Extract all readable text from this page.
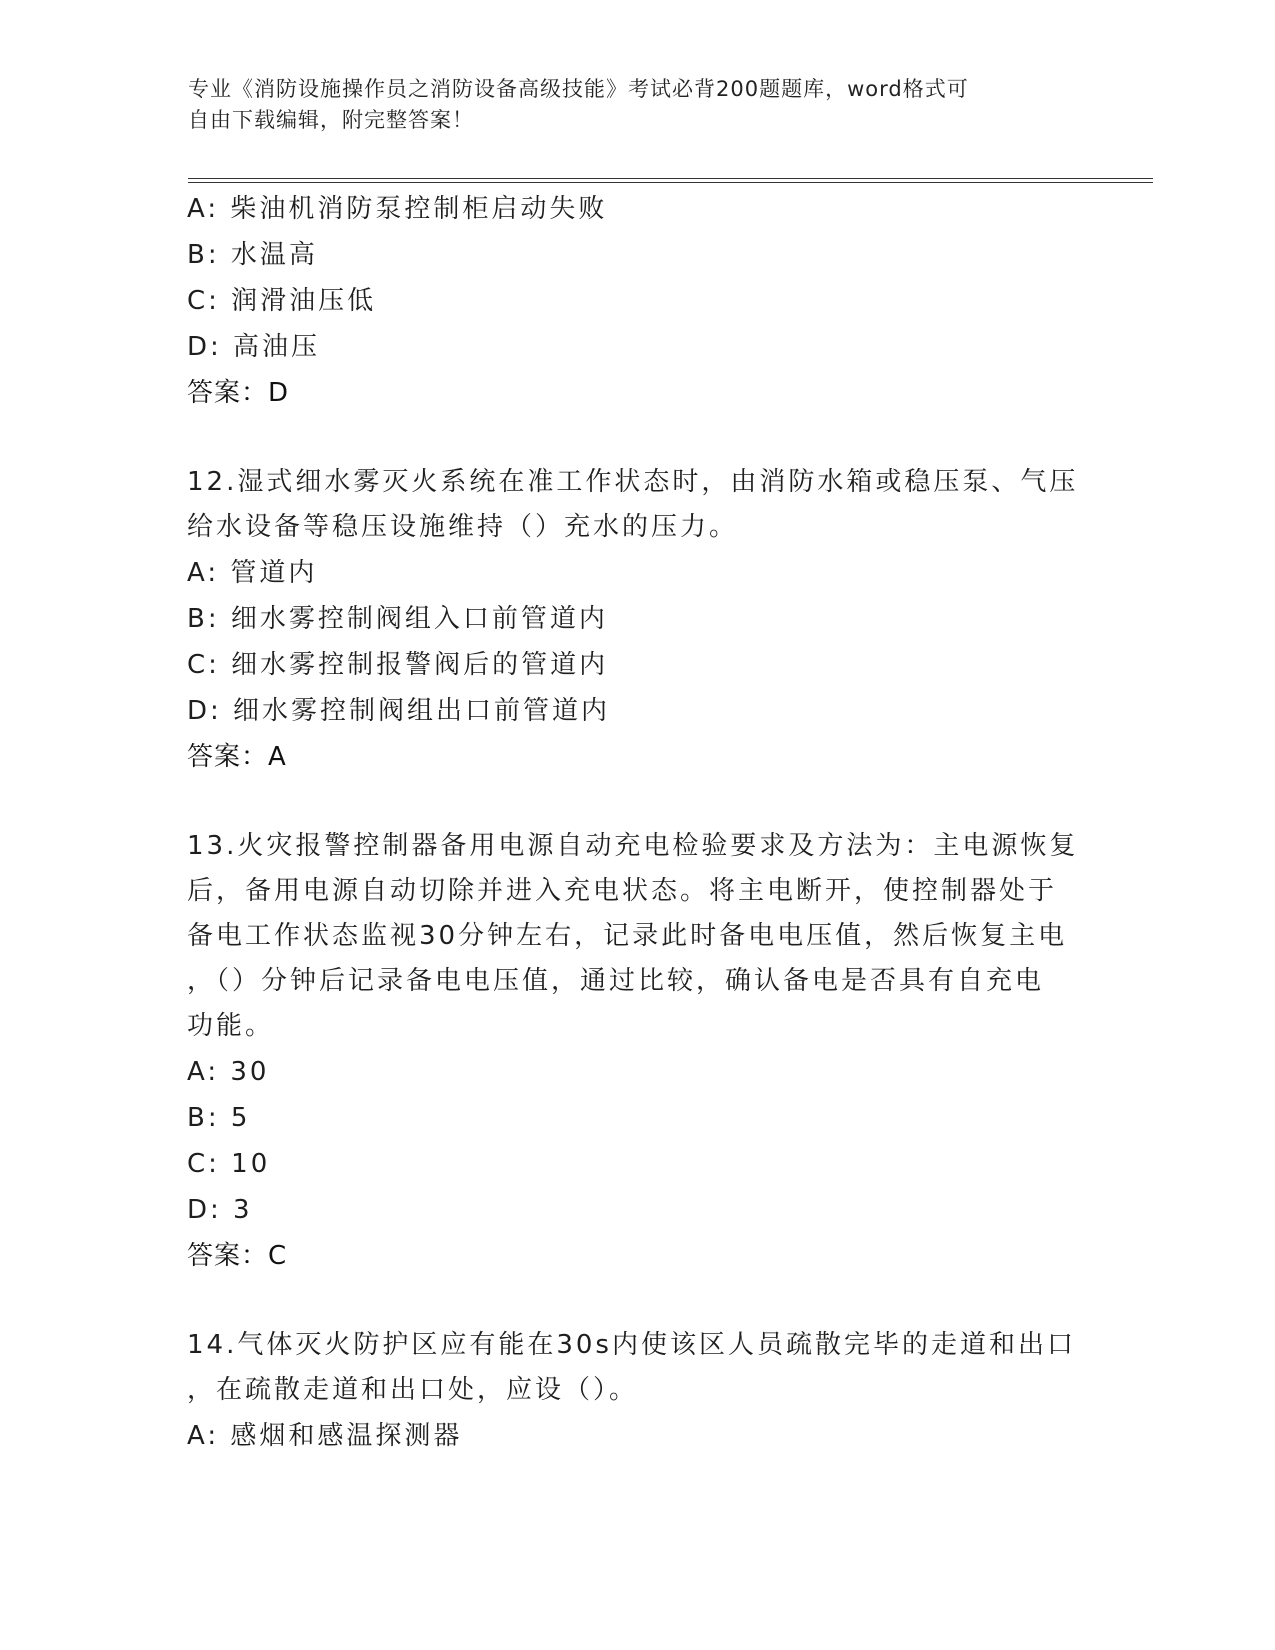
专业《消防设施操作员之消防设备高级技能》考试必背200题题库，word格式可
自由下载编辑，附完整答案！
A: 柴油机消防泵控制柜启动失败
B: 水温高
C: 润滑油压低
D: 高油压
答案：D
12.湿式细水雾灭火系统在准工作状态时，由消防水箱或稳压泵、气压
给水设备等稳压设施维持（）充水的压力。
A: 管道内
B: 细水雾控制阀组入口前管道内
C: 细水雾控制报警阀后的管道内
D: 细水雾控制阀组出口前管道内
答案：A
13.火灾报警控制器备用电源自动充电检验要求及方法为：主电源恢复
后，备用电源自动切除并进入充电状态。将主电断开，使控制器处于
备电工作状态监视30分钟左右，记录此时备电电压值，然后恢复主电
，（）分钟后记录备电电压值，通过比较，确认备电是否具有自充电
功能。
A: 30
B: 5
C: 10
D: 3
答案：C
14.气体灭火防护区应有能在30s内使该区人员疏散完毕的走道和出口
，在疏散走道和出口处，应设（）。
A: 感烟和感温探测器
